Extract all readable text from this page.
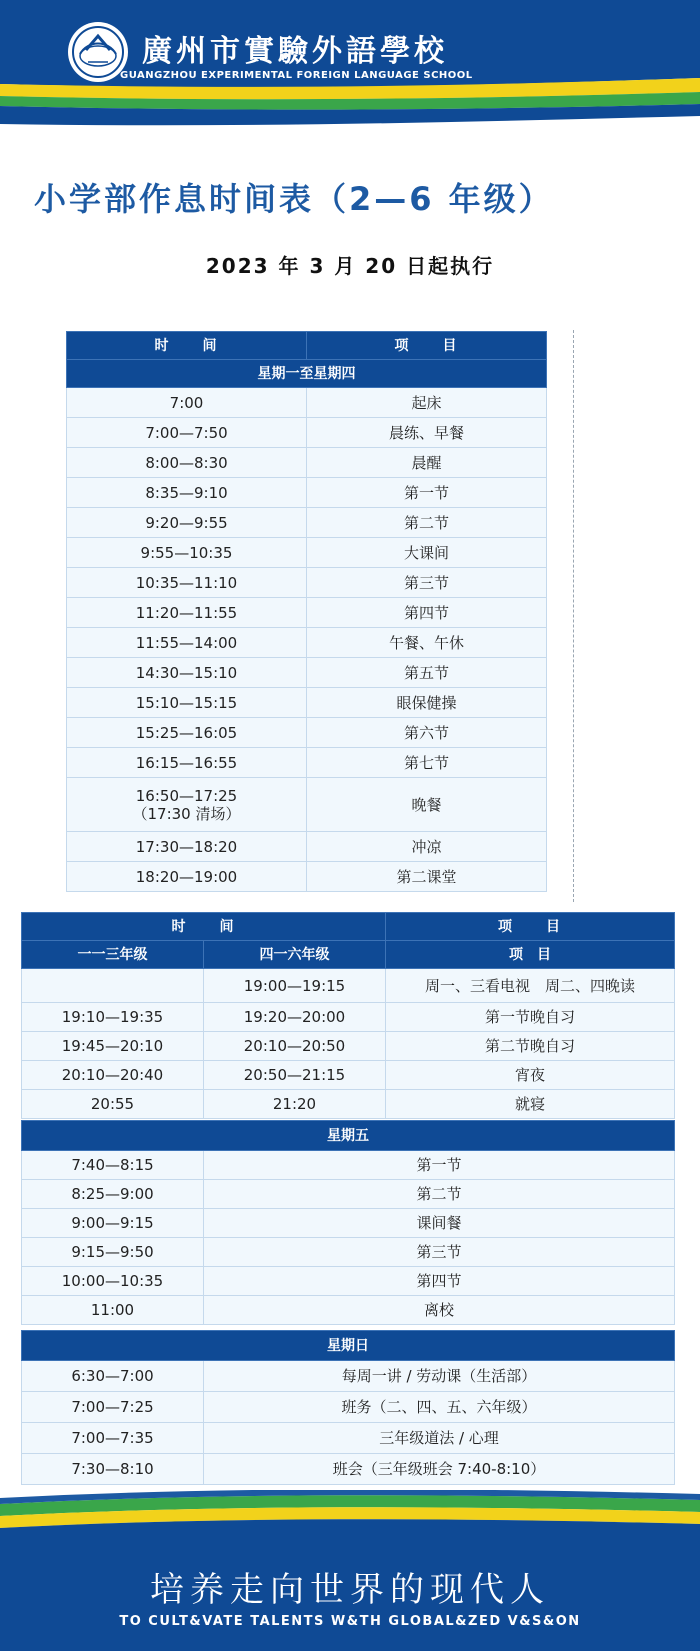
廣州市實驗外語學校
GUANGZHOU EXPERIMENTAL FOREIGN LANGUAGE SCHOOL
小学部作息时间表（2—6 年级）
2023 年 3 月 20 日起执行
时　　间	项　　目
星期一至星期四	
7:00	起床
7:00—7:50	晨练、早餐
8:00—8:30	晨醒
8:35—9:10	第一节
9:20—9:55	第二节
9:55—10:35	大课间
10:35—11:10	第三节
11:20—11:55	第四节
11:55—14:00	午餐、午休
14:30—15:10	第五节
15:10—15:15	眼保健操
15:25—16:05	第六节
16:15—16:55	第七节

16:50—17:25
（17:30 清场）	晚餐
17:30—18:20	冲凉
18:20—19:00	第二课堂
时　　间		项　　目
一一三年级	四一六年级	项　目
	19:00—19:15	周一、三看电视　周二、四晚读
19:10—19:35	19:20—20:00	第一节晚自习
19:45—20:10	20:10—20:50	第二节晚自习
20:10—20:40	20:50—21:15	宵夜
20:55	21:20	就寝
星期五	
7:40—8:15	第一节
8:25—9:00	第二节
9:00—9:15	课间餐
9:15—9:50	第三节
10:00—10:35	第四节
11:00	离校
星期日	
6:30—7:00	每周一讲 / 劳动课（生活部）
7:00—7:25	班务（二、四、五、六年级）
7:00—7:35	三年级道法 / 心理
7:30—8:10	班会（三年级班会 7:40-8:10）
培养走向世界的现代人
TO CULT&VATE TALENTS W&TH GLOBAL&ZED V&S&ON
